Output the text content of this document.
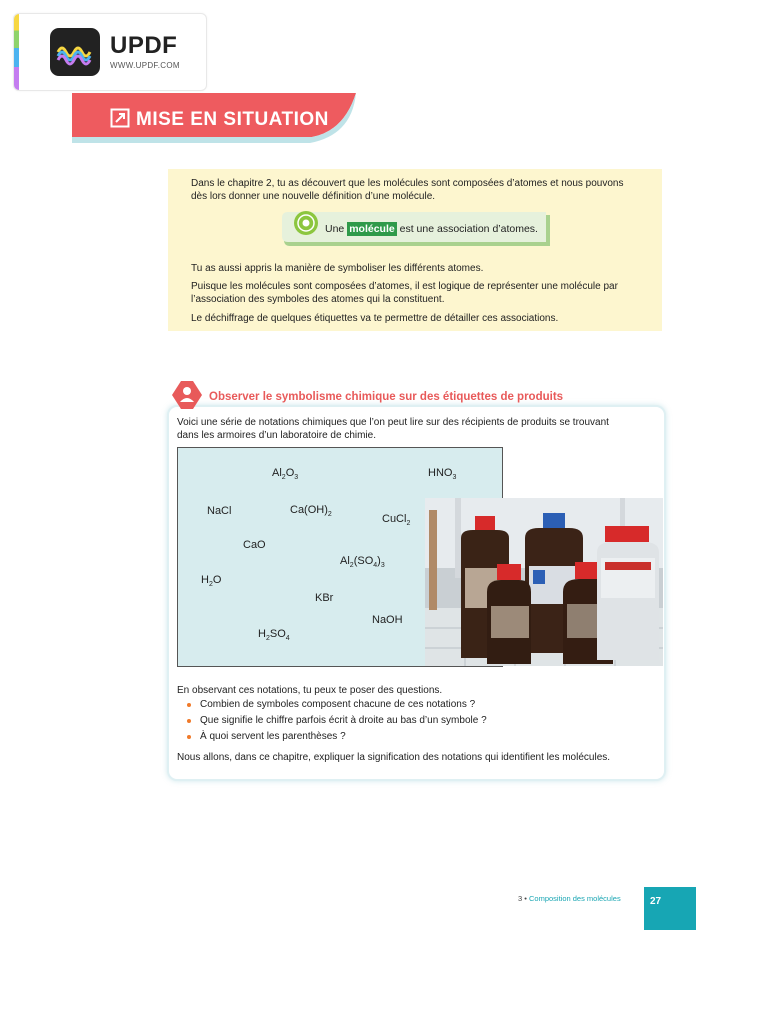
UPDF
WWW.UPDF.COM
MISE EN SITUATION
Dans le chapitre 2, tu as découvert que les molécules sont composées d’atomes et nous pouvons
dès lors donner une nouvelle définition d’une molécule.
Une molécule est une association d’atomes.
Tu as aussi appris la manière de symboliser les différents atomes.
Puisque les molécules sont composées d’atomes, il est logique de représenter une molécule par
l’association des symboles des atomes qui la constituent.
Le déchiffrage de quelques étiquettes va te permettre de détailler ces associations.
Observer le symbolisme chimique sur des étiquettes de produits
Voici une série de notations chimiques que l’on peut lire sur des récipients de produits se trouvant
dans les armoires d’un laboratoire de chimie.
$Al_2O_3$	$HNO_3$
NaCl	$Ca(OH)_2$	CuCl$_2$
CaO
$Al_2(SO_4)_3$
$H_2O$
KBr
NaOH
$H_2SO_4$
En observant ces notations, tu peux te poser des questions.
Combien de symboles composent chacune de ces notations ?
Que signifie le chiffre parfois écrit à droite au bas d’un symbole ?
À quoi servent les parenthèses ?
Nous allons, dans ce chapitre, expliquer la signification des notations qui identifient les molécules.
3 • Composition des molécules	27
